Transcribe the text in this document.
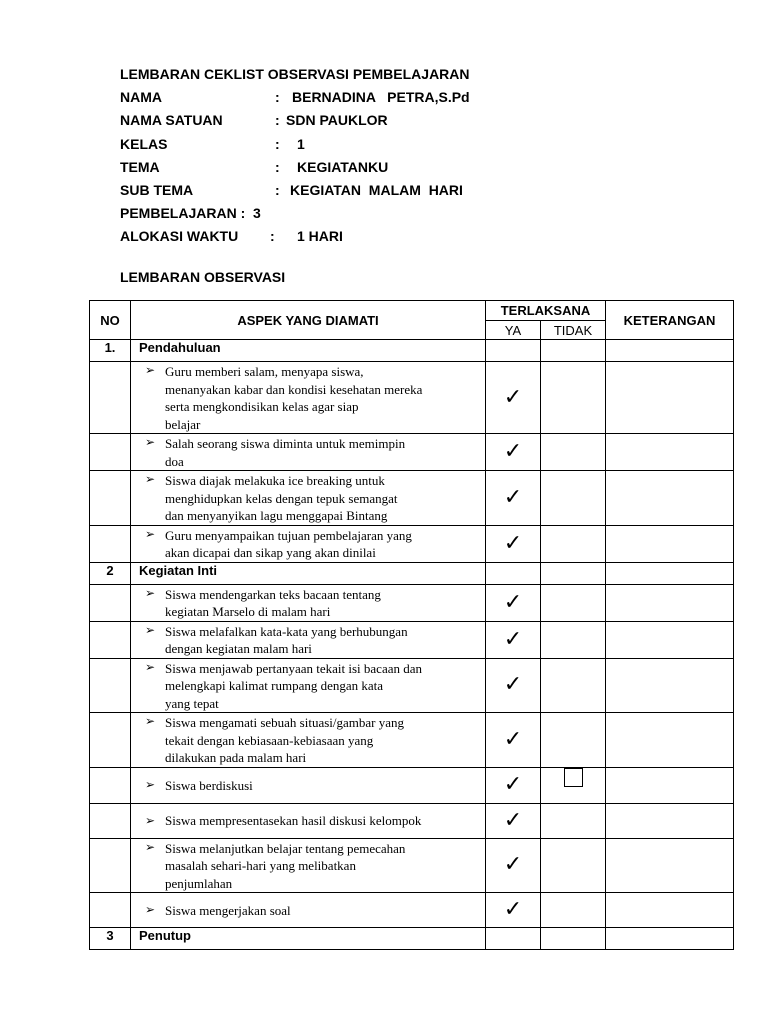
LEMBARAN CEKLIST OBSERVASI PEMBELAJARAN
NAMA	: BERNADINA   PETRA,S.Pd
NAMA SATUAN	: SDN PAUKLOR
KELAS	: 1
TEMA	: KEGIATANKU
SUB TEMA	: KEGIATAN  MALAM  HARI
PEMBELAJARAN :  3
ALOKASI WAKTU : 1 HARI
LEMBARAN OBSERVASI
NO	ASPEK YANG DIAMATI	TERLAKSANA		KETERANGAN
		YA	TIDAK	
1.	Pendahuluan			

	➢ Guru memberi salam, menyapa siswa,
menanyakan kabar dan kondisi kesehatan mereka
serta mengkondisikan kelas agar siap
belajar	✓		

	➢ Salah seorang siswa diminta untuk memimpin
doa	✓		

	➢ Siswa diajak melakuka ice breaking untuk
menghidupkan kelas dengan tepuk semangat
dan menyanyikan lagu menggapai Bintang	✓		

	➢ Guru menyampaikan tujuan pembelajaran yang
akan dicapai dan sikap yang akan dinilai	✓		
2	Kegiatan Inti			

	➢ Siswa mendengarkan teks bacaan tentang
kegiatan Marselo di malam hari	✓		

	➢ Siswa melafalkan kata-kata yang berhubungan
dengan kegiatan malam hari	✓		

	➢ Siswa menjawab pertanyaan tekait isi bacaan dan
melengkapi kalimat rumpang dengan kata
yang tepat	✓		

	➢ Siswa mengamati sebuah situasi/gambar yang
tekait dengan kebiasaan-kebiasaan yang
dilakukan pada malam hari	✓		

	➢ Siswa berdiskusi	✓		

	➢ Siswa mempresentasekan hasil diskusi kelompok	✓		

	➢ Siswa melanjutkan belajar tentang pemecahan
masalah sehari-hari yang melibatkan
penjumlahan	✓		

	➢ Siswa mengerjakan soal	✓		
3	Penutup			
